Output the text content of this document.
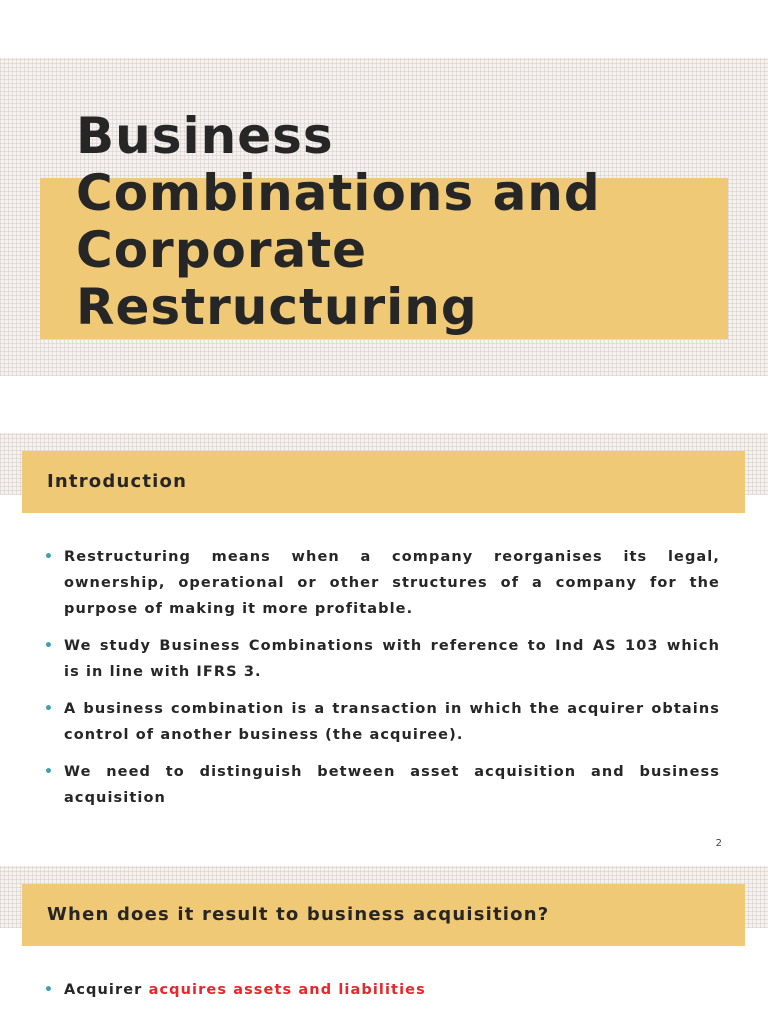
Business Combinations and Corporate Restructuring
Introduction
• Restructuring means when a company reorganises its legal, ownership, operational or other structures of a company for the purpose of making it more profitable.
• We study Business Combinations with reference to Ind AS 103 which is in line with IFRS 3.
• A business combination is a transaction in which the acquirer obtains control of another business (the acquiree).
• We need to distinguish between asset acquisition and business acquisition
2
When does it result to business acquisition?
• Acquirer acquires assets and liabilities
